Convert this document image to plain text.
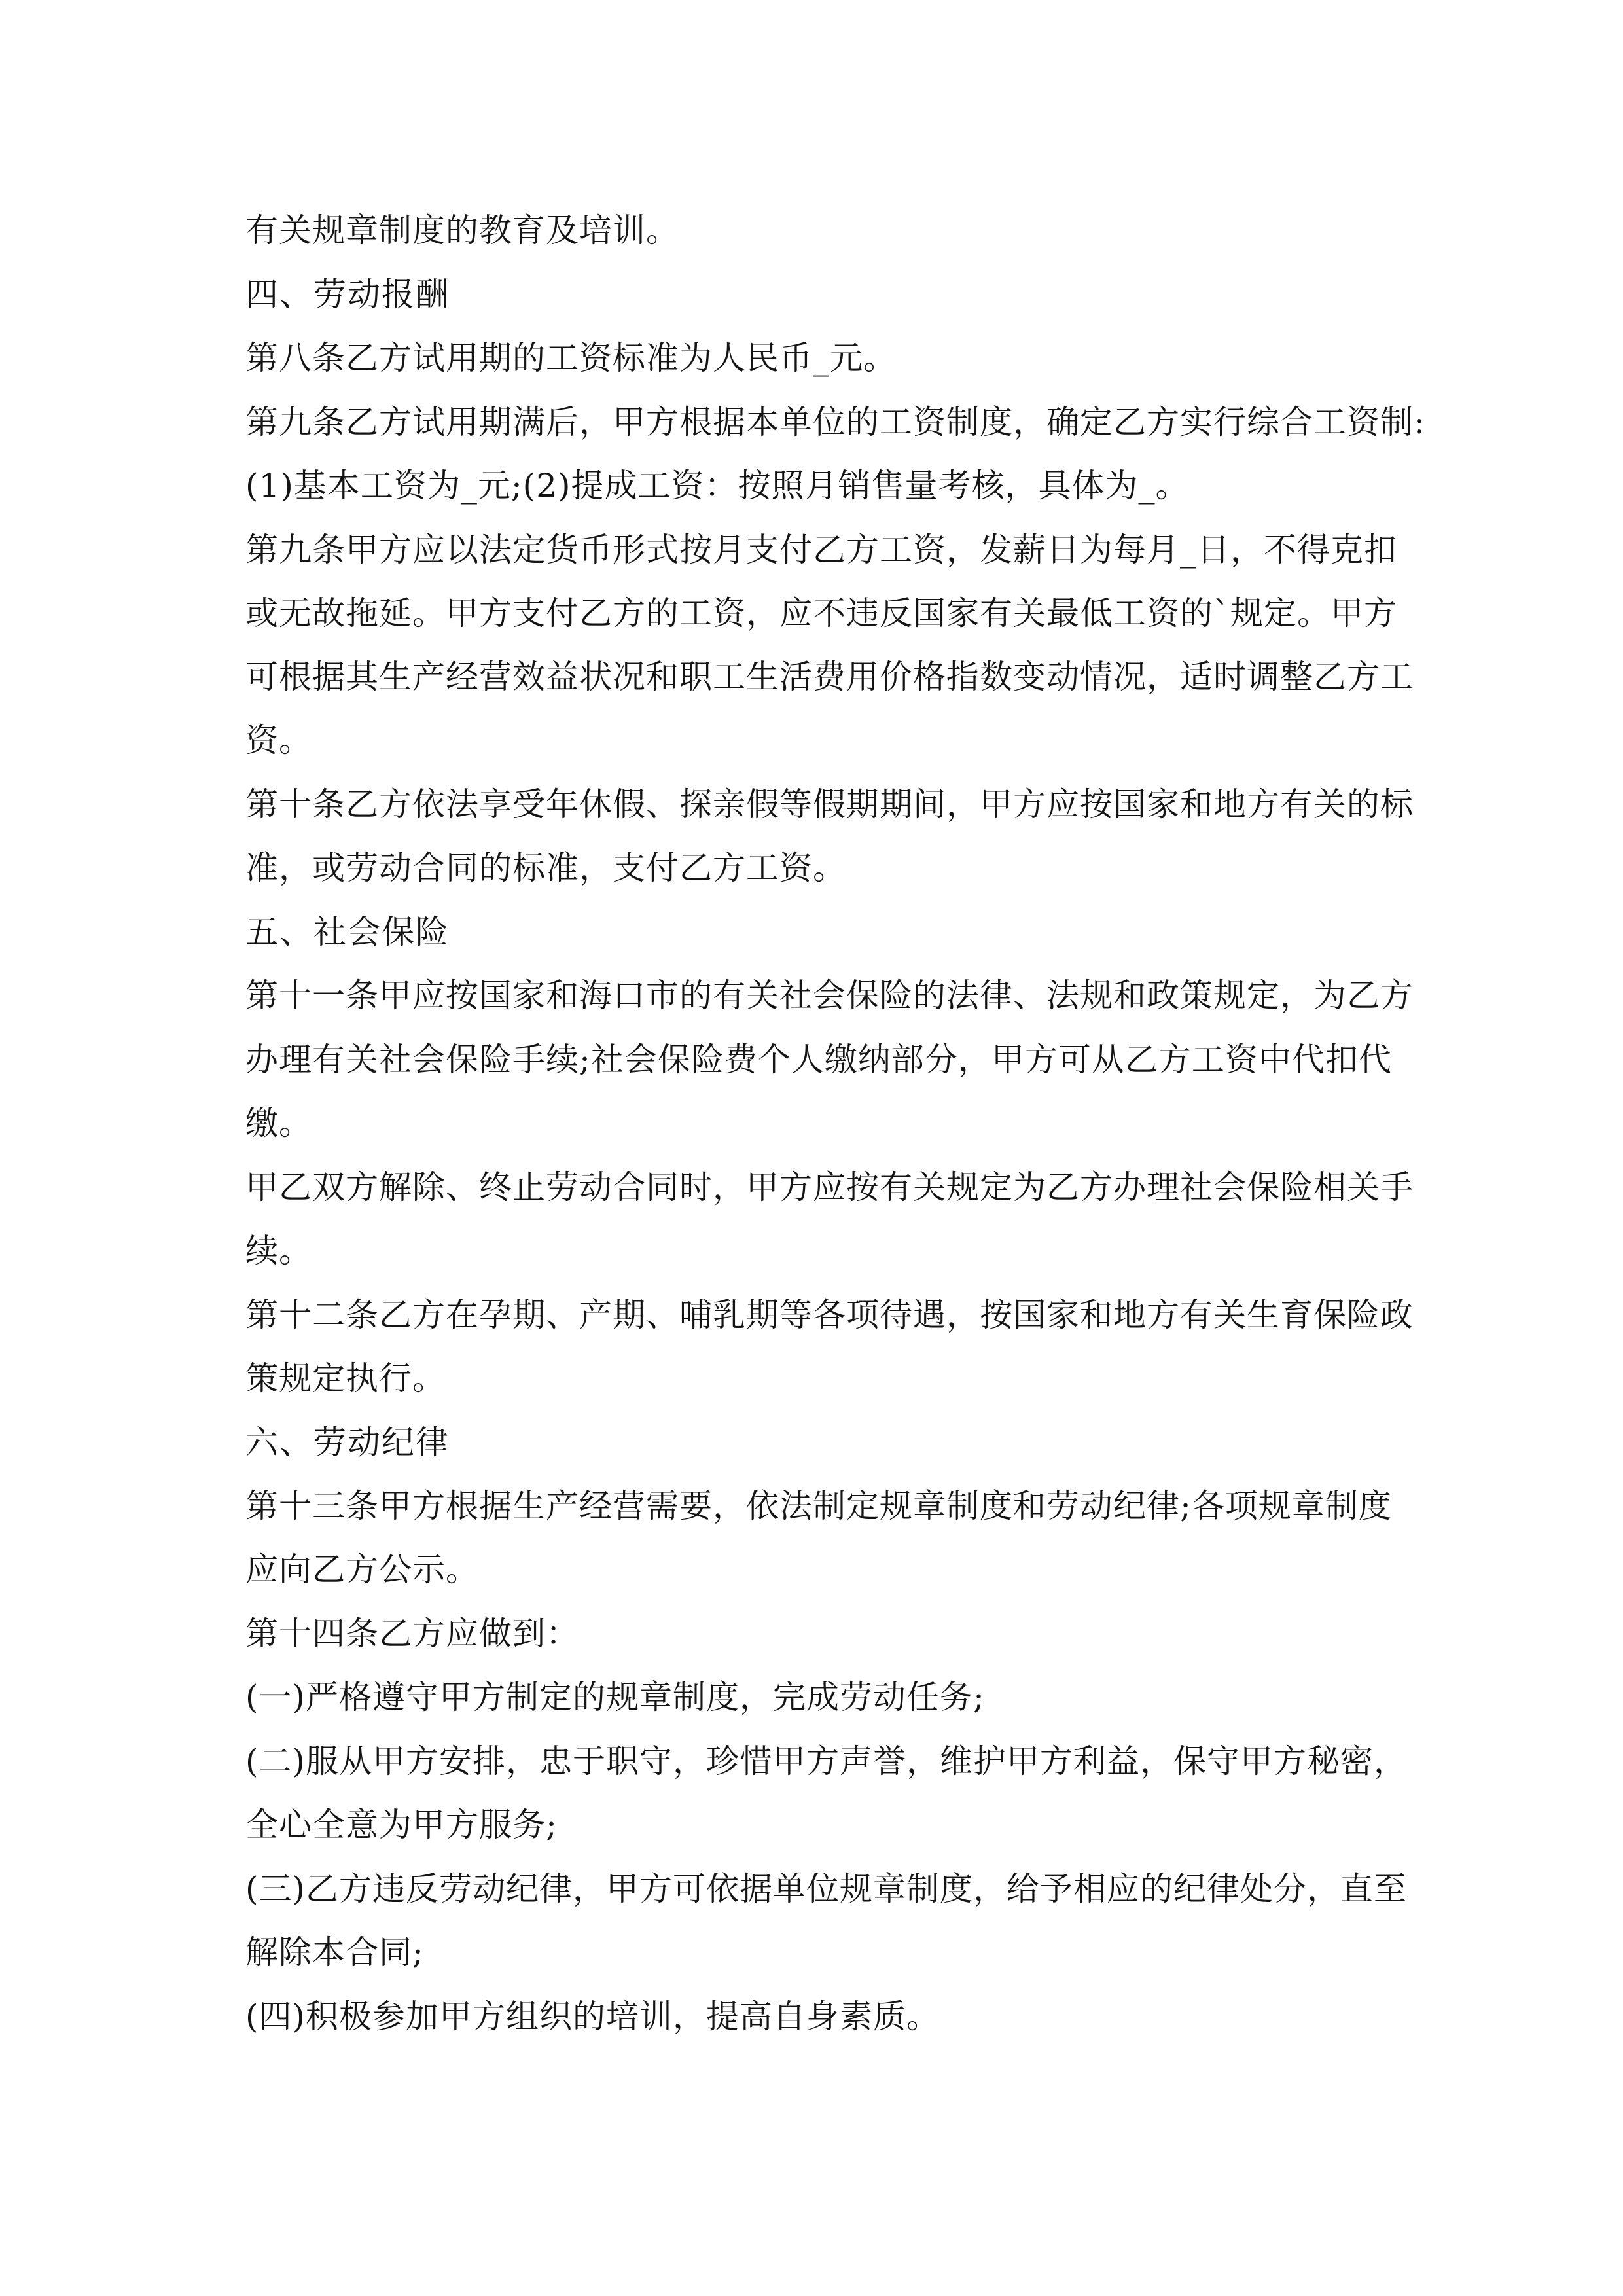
有关规章制度的教育及培训。
四、劳动报酬
第八条乙方试用期的工资标准为人民币_元。
第九条乙方试用期满后，甲方根据本单位的工资制度，确定乙方实行综合工资制:
(1)基本工资为_元;(2)提成工资：按照月销售量考核，具体为_。
第九条甲方应以法定货币形式按月支付乙方工资，发薪日为每月_日，不得克扣
或无故拖延。甲方支付乙方的工资，应不违反国家有关最低工资的`规定。甲方
可根据其生产经营效益状况和职工生活费用价格指数变动情况，适时调整乙方工
资。
第十条乙方依法享受年休假、探亲假等假期期间，甲方应按国家和地方有关的标
准，或劳动合同的标准，支付乙方工资。
五、社会保险
第十一条甲应按国家和海口市的有关社会保险的法律、法规和政策规定，为乙方
办理有关社会保险手续;社会保险费个人缴纳部分，甲方可从乙方工资中代扣代
缴。
甲乙双方解除、终止劳动合同时，甲方应按有关规定为乙方办理社会保险相关手
续。
第十二条乙方在孕期、产期、哺乳期等各项待遇，按国家和地方有关生育保险政
策规定执行。
六、劳动纪律
第十三条甲方根据生产经营需要，依法制定规章制度和劳动纪律;各项规章制度
应向乙方公示。
第十四条乙方应做到：
(一)严格遵守甲方制定的规章制度，完成劳动任务;
(二)服从甲方安排，忠于职守，珍惜甲方声誉，维护甲方利益，保守甲方秘密，
全心全意为甲方服务;
(三)乙方违反劳动纪律，甲方可依据单位规章制度，给予相应的纪律处分，直至
解除本合同;
(四)积极参加甲方组织的培训，提高自身素质。
